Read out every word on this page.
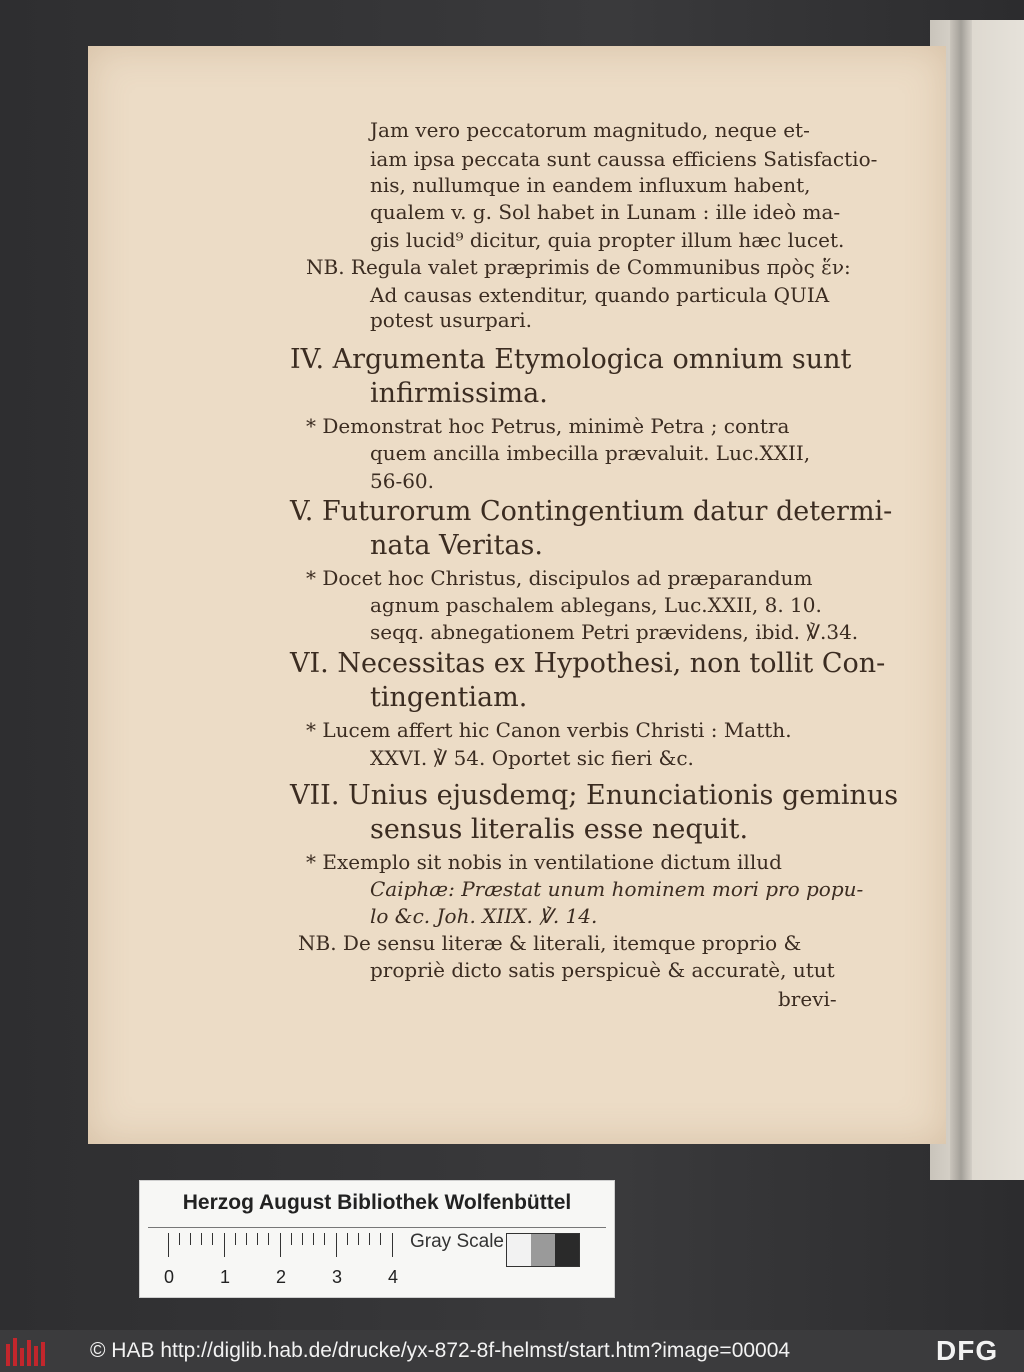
Jam vero peccatorum magnitudo, neque et-
iam ipsa peccata sunt caussa efficiens Satisfactio-
nis, nullumque in eandem influxum habent,
qualem v. g. Sol habet in Lunam : ille ideò ma-
gis lucid⁹ dicitur, quia propter illum hæc lucet.
NB. Regula valet præprimis de Communibus πρὸς ἕν:
Ad causas extenditur, quando particula QUIA
potest usurpari.
IV. Argumenta Etymologica omnium sunt
infirmissima.
* Demonstrat hoc Petrus, minimè Petra ; contra
quem ancilla imbecilla prævaluit. Luc.XXII,
56-60.
V. Futurorum Contingentium datur determi-
nata Veritas.
* Docet hoc Christus, discipulos ad præparandum
agnum paschalem ablegans, Luc.XXII, 8. 10.
seqq. abnegationem Petri prævidens, ibid. ℣.34.
VI. Necessitas ex Hypothesi, non tollit Con-
tingentiam.
* Lucem affert hic Canon verbis Christi : Matth.
XXVI. ℣ 54. Oportet sic fieri &c.
VII. Unius ejusdemq; Enunciationis geminus
sensus literalis esse nequit.
* Exemplo sit nobis in ventilatione dictum illud
Caiphæ: Præstat unum hominem mori pro popu-
lo &c. Joh. XIIX. ℣. 14.
NB. De sensu literæ & literali, itemque proprio &
propriè dicto satis perspicuè & accuratè, utut
brevi-
Herzog August Bibliothek Wolfenbüttel
0	1	2	3	4
Gray Scale
© HAB http://diglib.hab.de/drucke/yx-872-8f-helmst/start.htm?image=00004	DFG
